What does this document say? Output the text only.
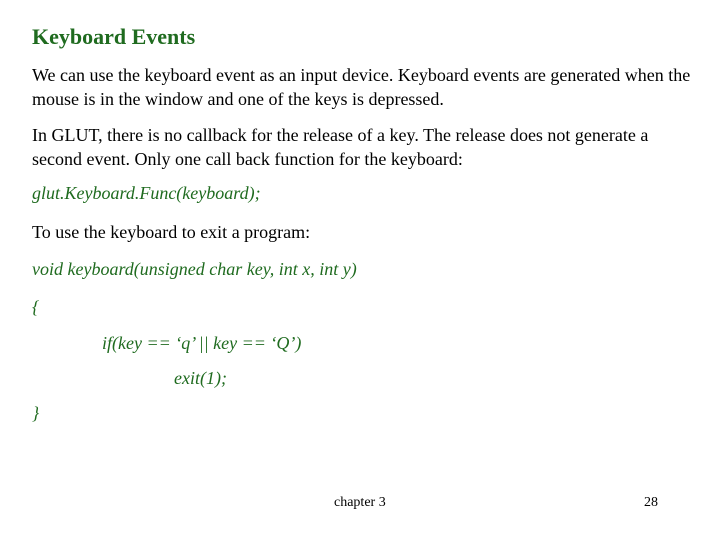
Keyboard Events

We can use the keyboard event as an input device. Keyboard events are generated when the mouse is in the window and one of the keys is depressed.

In GLUT, there is no callback for the release of a key. The release does not generate a second event. Only one call back function for the keyboard:

glut.Keyboard.Func(keyboard);

To use the keyboard to exit a program:

void keyboard(unsigned char key, int x, int y)
{
if(key == ‘q’ || key == ‘Q’)
exit(1);
}
chapter 3	28
